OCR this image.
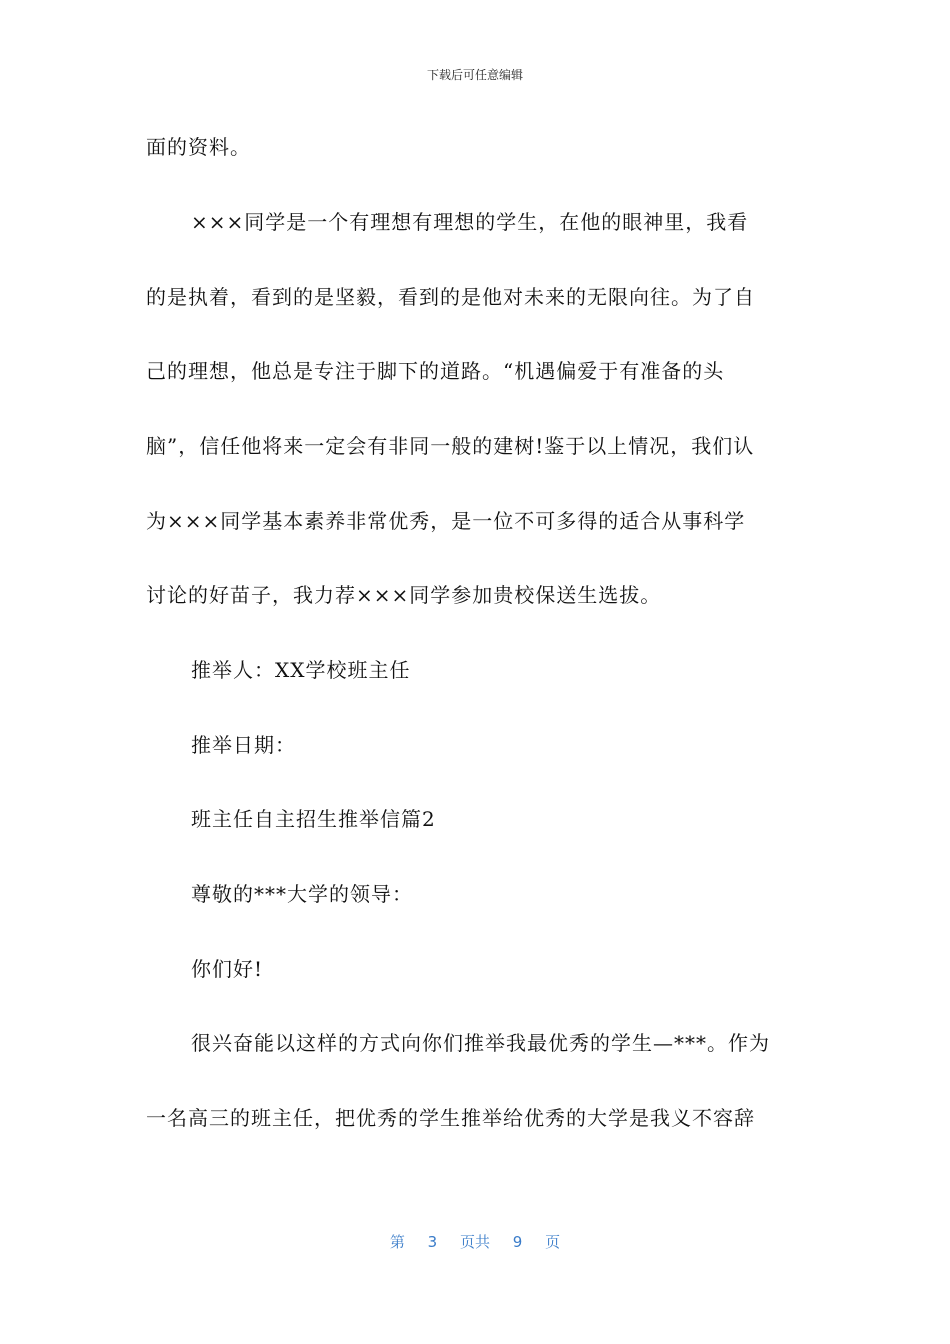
下载后可任意编辑
面的资料。
×××同学是一个有理想有理想的学生，在他的眼神里，我看
的是执着，看到的是坚毅，看到的是他对未来的无限向往。为了自
己的理想，他总是专注于脚下的道路。“机遇偏爱于有准备的头
脑”，信任他将来一定会有非同一般的建树!鉴于以上情况，我们认
为×××同学基本素养非常优秀，是一位不可多得的适合从事科学
讨论的好苗子，我力荐×××同学参加贵校保送生选拔。
推举人：XX学校班主任
推举日期：
班主任自主招生推举信篇2
尊敬的***大学的领导：
你们好!
很兴奋能以这样的方式向你们推举我最优秀的学生—***。作为
一名高三的班主任，把优秀的学生推举给优秀的大学是我义不容辞
第 3 页共 9 页
